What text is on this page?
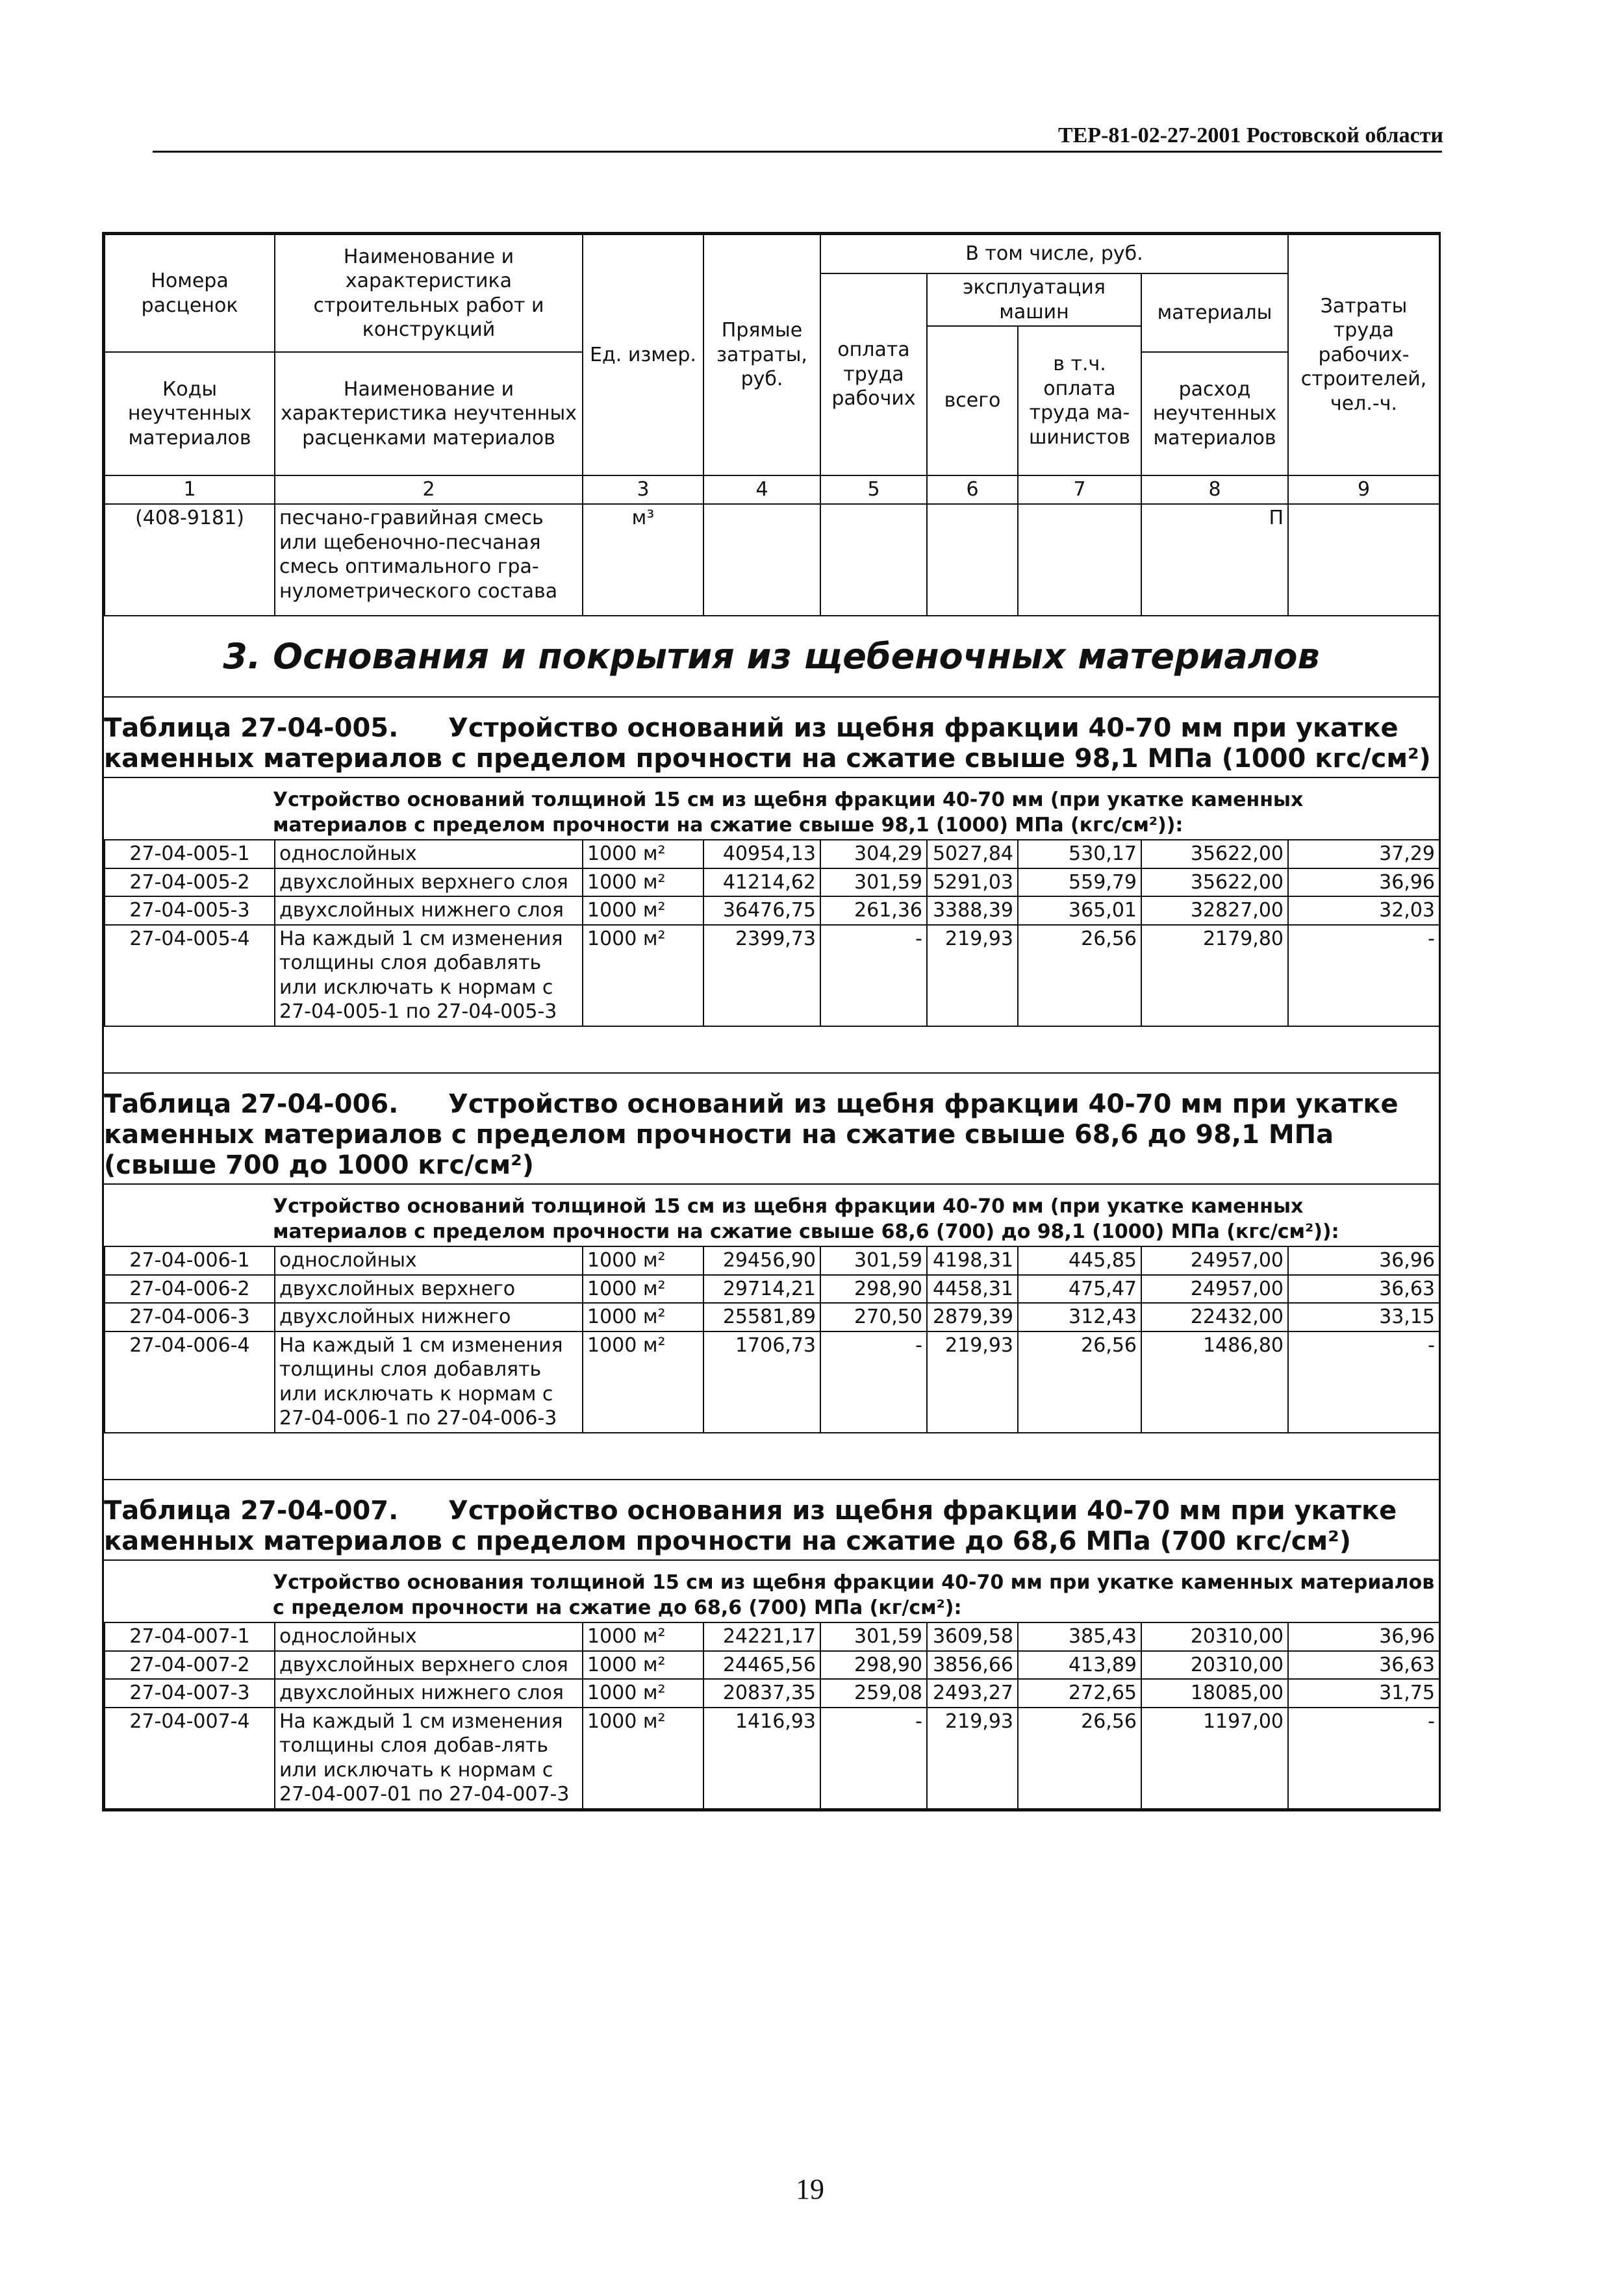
ТЕР-81-02-27-2001 Ростовской области
Номера расценок	Наименование и характеристика строительных работ и конструкций	Ед. измер.	Прямые затраты, руб.	В том числе, руб.				Затраты труда рабочих-строителей, чел.-ч.
				оплата труда рабочих	эксплуатация машин		материалы	
					всего	в т.ч. оплата труда ма-шинистов		
Коды неучтенных материалов	Наименование и характеристика неучтенных расценками материалов						расход неучтенных материалов	

1	2	3	4	5	6	7	8	9
(408-9181)	песчано-гравийная смесь или щебеночно-песчаная смесь оптимального гра-нулометрического состава	м³					П	
3. Основания и покрытия из щебеночных материалов
Таблица 27-04-005. Устройство оснований из щебня фракции 40-70 мм при укатке каменных материалов с пределом прочности на сжатие свыше 98,1 МПа (1000 кгс/см²)
Устройство оснований толщиной 15 см из щебня фракции 40-70 мм (при укатке каменных материалов с пределом прочности на сжатие свыше 98,1 (1000) МПа (кгс/см²)):
27-04-005-1	однослойных	1000 м²	40954,13	304,29	5027,84	530,17	35622,00	37,29
27-04-005-2	двухслойных верхнего слоя	1000 м²	41214,62	301,59	5291,03	559,79	35622,00	36,96
27-04-005-3	двухслойных нижнего слоя	1000 м²	36476,75	261,36	3388,39	365,01	32827,00	32,03
27-04-005-4	На каждый 1 см изменения толщины слоя добавлять или исключать к нормам с 27-04-005-1 по 27-04-005-3	1000 м²	2399,73	-	219,93	26,56	2179,80	-
Таблица 27-04-006. Устройство оснований из щебня фракции 40-70 мм при укатке каменных материалов с пределом прочности на сжатие свыше 68,6 до 98,1 МПа (свыше 700 до 1000 кгс/см²)
Устройство оснований толщиной 15 см из щебня фракции 40-70 мм (при укатке каменных материалов с пределом прочности на сжатие свыше 68,6 (700) до 98,1 (1000) МПа (кгс/см²)):
27-04-006-1	однослойных	1000 м²	29456,90	301,59	4198,31	445,85	24957,00	36,96
27-04-006-2	двухслойных верхнего	1000 м²	29714,21	298,90	4458,31	475,47	24957,00	36,63
27-04-006-3	двухслойных нижнего	1000 м²	25581,89	270,50	2879,39	312,43	22432,00	33,15
27-04-006-4	На каждый 1 см изменения толщины слоя добавлять или исключать к нормам с 27-04-006-1 по 27-04-006-3	1000 м²	1706,73	-	219,93	26,56	1486,80	-
Таблица 27-04-007. Устройство основания из щебня фракции 40-70 мм при укатке каменных материалов с пределом прочности на сжатие до 68,6 МПа (700 кгс/см²)
Устройство основания толщиной 15 см из щебня фракции 40-70 мм при укатке каменных материалов с пределом прочности на сжатие до 68,6 (700) МПа (кг/см²):
27-04-007-1	однослойных	1000 м²	24221,17	301,59	3609,58	385,43	20310,00	36,96
27-04-007-2	двухслойных верхнего слоя	1000 м²	24465,56	298,90	3856,66	413,89	20310,00	36,63
27-04-007-3	двухслойных нижнего слоя	1000 м²	20837,35	259,08	2493,27	272,65	18085,00	31,75
27-04-007-4	На каждый 1 см изменения толщины слоя добав-лять или исключать к нормам с 27-04-007-01 по 27-04-007-3	1000 м²	1416,93	-	219,93	26,56	1197,00	-
19
